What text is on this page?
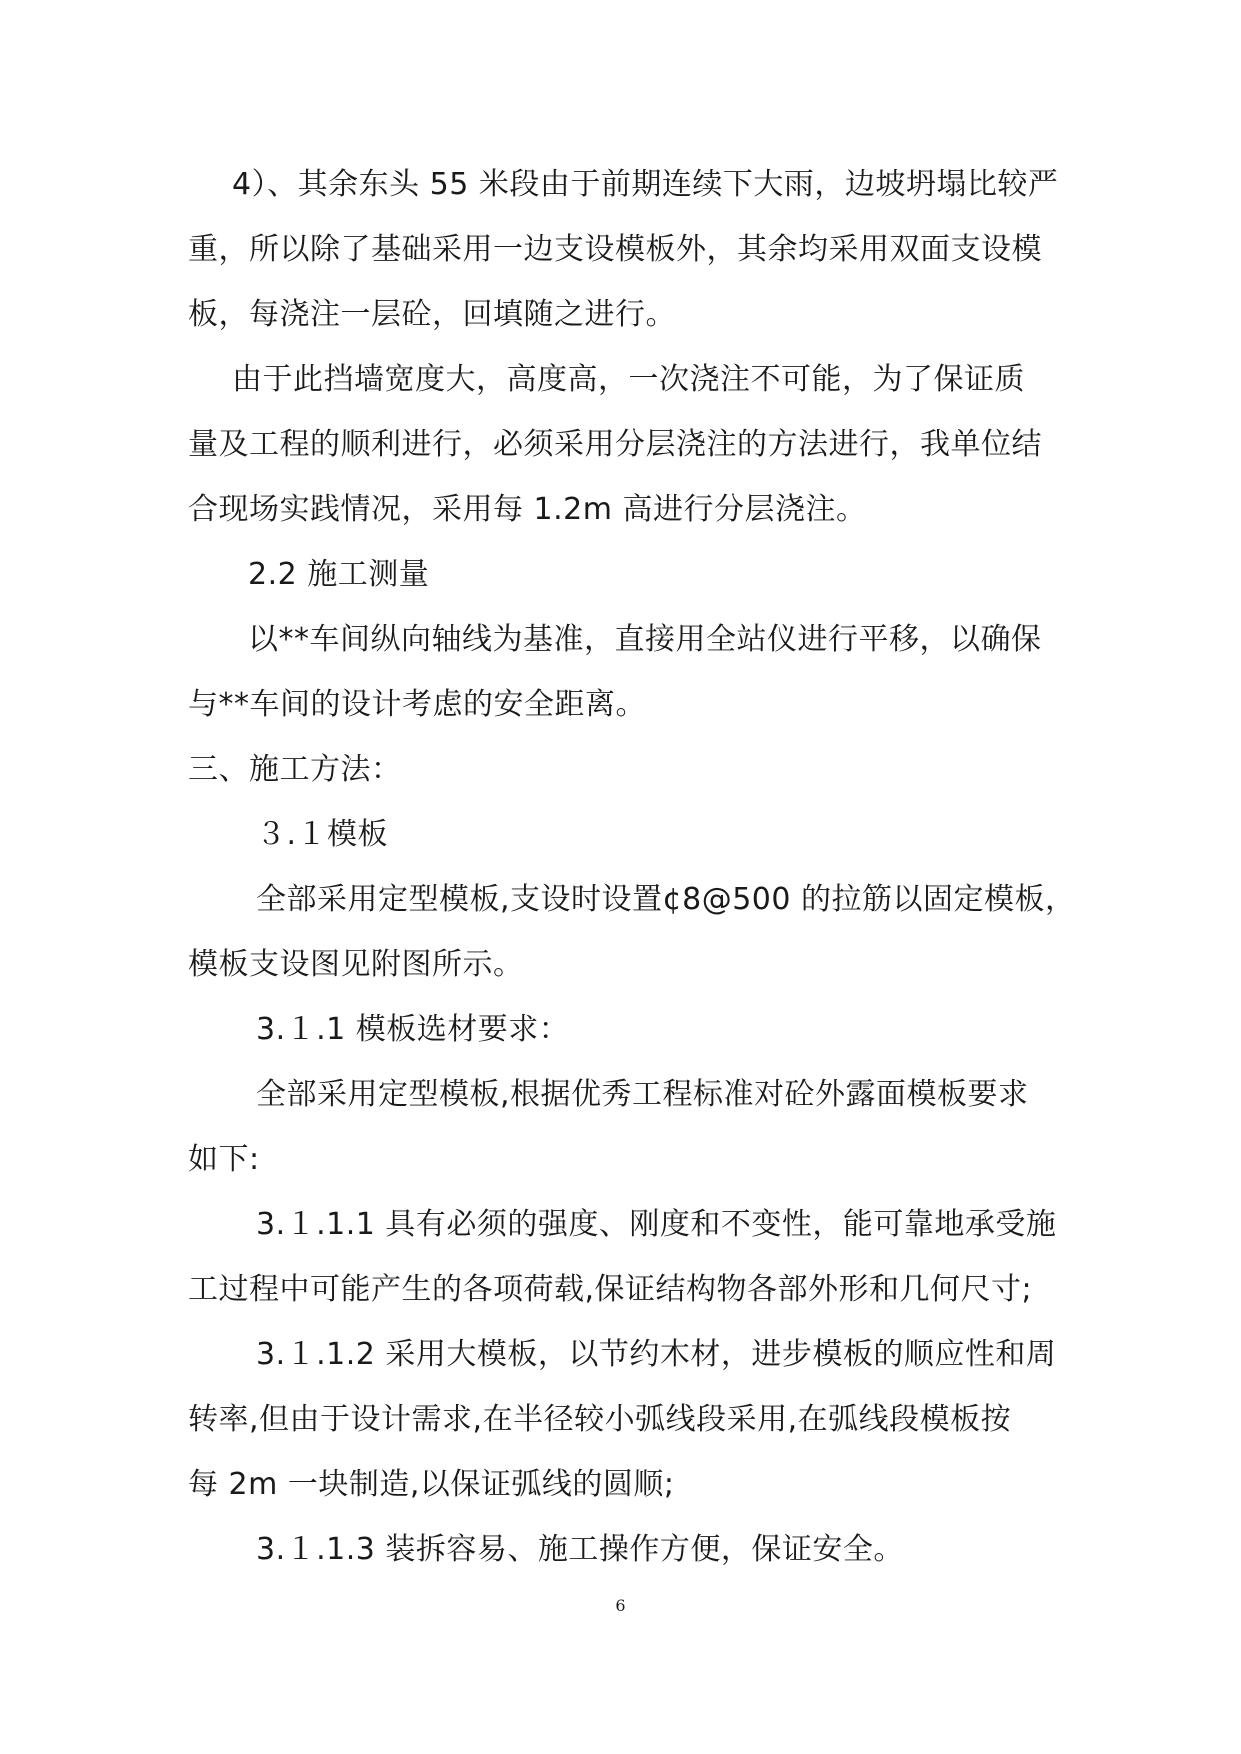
4）、其余东头 55 米段由于前期连续下大雨，边坡坍塌比较严
重，所以除了基础采用一边支设模板外，其余均采用双面支设模
板，每浇注一层砼，回填随之进行。
由于此挡墙宽度大，高度高，一次浇注不可能，为了保证质
量及工程的顺利进行，必须采用分层浇注的方法进行，我单位结
合现场实践情况，采用每 1.2m 高进行分层浇注。
2.2 施工测量
以**车间纵向轴线为基准，直接用全站仪进行平移，以确保
与**车间的设计考虑的安全距离。
三、施工方法：
３.１模板
全部采用定型模板,支设时设置¢8@500 的拉筋以固定模板，
模板支设图见附图所示。
3.１.1 模板选材要求：
全部采用定型模板,根据优秀工程标准对砼外露面模板要求
如下:
3.１.1.1 具有必须的强度、刚度和不变性，能可靠地承受施
工过程中可能产生的各项荷载,保证结构物各部外形和几何尺寸;
3.１.1.2 采用大模板，以节约木材，进步模板的顺应性和周
转率,但由于设计需求,在半径较小弧线段采用,在弧线段模板按
每 2m 一块制造,以保证弧线的圆顺;
3.１.1.3 装拆容易、施工操作方便，保证安全。
6
